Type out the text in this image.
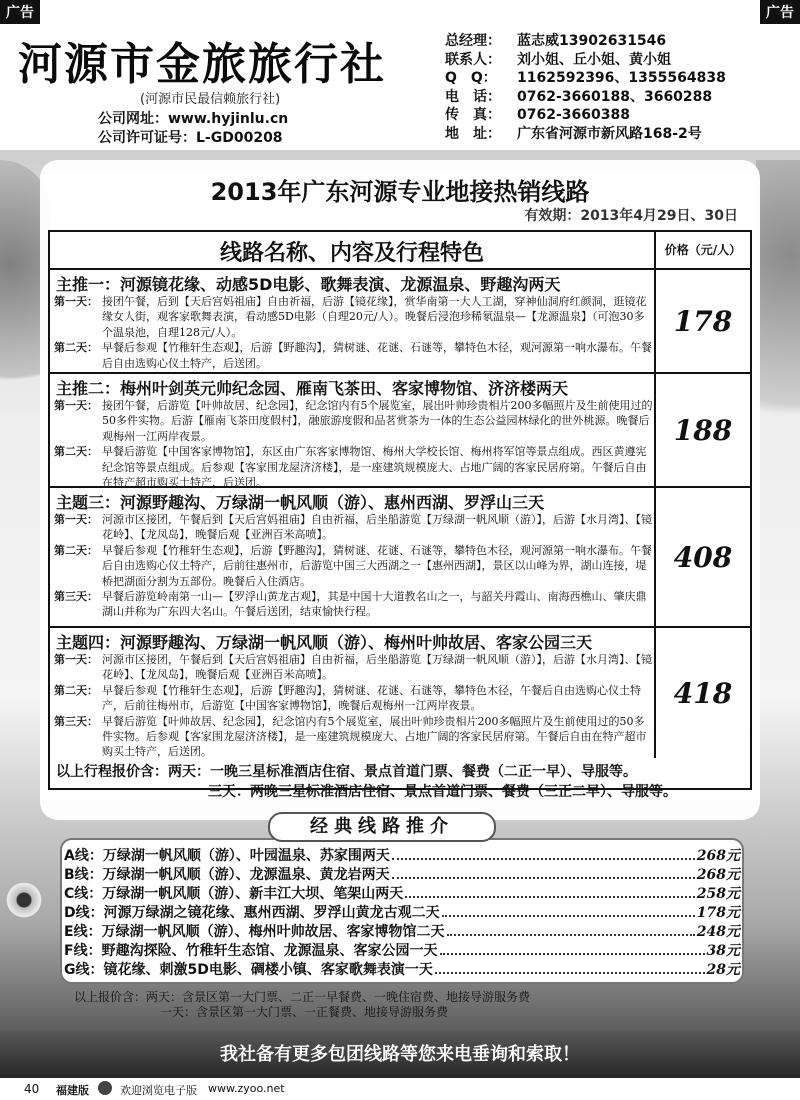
广告	广告
河源市金旅旅行社
(河源市民最信赖旅行社)
公司网址：www.hyjinlu.cn
公司许可证号：L-GD00208
总经理：	蓝志威13902631546
联系人：	刘小姐、丘小姐、黄小姐
Q　Q：	1162592396、1355564838
电　话：	0762-3660188、3660288
传　真：	0762-3660388
地　址：	广东省河源市新风路168-2号
2013年广东河源专业地接热销线路
有效期：2013年4月29日、30日
线路名称、内容及行程特色	价格（元/人）
主推一：河源镜花缘、动感5D电影、歌舞表演、龙源温泉、野趣沟两天
第一天： 接团午餐，后到【天后宫妈祖庙】自由祈福，后游【镜花缘】，赏华南第一大人工湖，穿神仙洞府红颜洞，逛镜花缘女人街，观客家歌舞表演，看动感5D电影（自理20元/人）。晚餐后浸泡珍稀氡温泉—【龙源温泉】（可泡30多个温泉池，自理128元/人）。
第二天： 早餐后参观【竹稚轩生态观】，后游【野趣沟】，猜树谜、花谜、石谜等，攀特色木径，观河源第一响水瀑布。午餐后自由选购心仪土特产，后送团。
178
主推二：梅州叶剑英元帅纪念园、雁南飞茶田、客家博物馆、济济楼两天
第一天： 接团午餐，后游览【叶帅故居、纪念园】，纪念馆内有5个展览室，展出叶帅珍贵相片200多幅照片及生前使用过的50多件实物。后游【雁南飞茶田度假村】，融旅游度假和品茗赏茶为一体的生态公益园林绿化的世外桃源。晚餐后观梅州一江两岸夜景。
第二天： 早餐后游览【中国客家博物馆】，东区由广东客家博物馆、梅州大学校长馆、梅州将军馆等景点组成。西区黄遵宪纪念馆等景点组成。后参观【客家围龙屋济济楼】，是一座建筑规模庞大、占地广阔的客家民居府第。午餐后自由在特产超市购买土特产，后送团。
188
主题三：河源野趣沟、万绿湖一帆风顺（游）、惠州西湖、罗浮山三天
第一天： 河源市区接团，午餐后到【天后宫妈祖庙】自由祈福，后坐船游览【万绿湖一帆风顺（游）】，后游【水月湾】、【镜花岭】、【龙凤岛】，晚餐后观【亚洲百米高喷】。
第二天： 早餐后参观【竹稚轩生态观】，后游【野趣沟】，猜树谜、花谜、石谜等，攀特色木径，观河源第一响水瀑布。午餐后自由选购心仪土特产，后前往惠州市，后游览中国三大西湖之一【惠州西湖】，景区以山峰为界，湖山连接，堤桥把湖面分割为五部份。晚餐后入住酒店。
第三天： 早餐后游览岭南第一山—【罗浮山黄龙古观】，其是中国十大道教名山之一，与韶关丹霞山、南海西樵山、肇庆鼎湖山并称为广东四大名山。午餐后送团，结束愉快行程。
408
主题四：河源野趣沟、万绿湖一帆风顺（游）、梅州叶帅故居、客家公园三天
第一天： 河源市区接团，午餐后到【天后宫妈祖庙】自由祈福，后坐船游览【万绿湖一帆风顺（游）】，后游【水月湾】、【镜花岭】、【龙凤岛】，晚餐后观【亚洲百米高喷】。
第二天： 早餐后参观【竹稚轩生态观】，后游【野趣沟】，猜树谜、花谜、石谜等，攀特色木径，午餐后自由选购心仪土特产，后前往梅州市，后游览【中国客家博物馆】，晚餐后观梅州一江两岸夜景。
第三天： 早餐后游览【叶帅故居、纪念园】，纪念馆内有5个展览室，展出叶帅珍贵相片200多幅照片及生前使用过的50多件实物。后参观【客家围龙屋济济楼】，是一座建筑规模庞大、占地广阔的客家民居府第。午餐后自由在特产超市购买土特产，后送团。
418
以上行程报价含：两天：一晚三星标准酒店住宿、景点首道门票、餐费（二正一早）、导服等。
三天：两晚三星标准酒店住宿、景点首道门票、餐费（三正二早）、导服等。
经典线路推介
A线：万绿湖一帆风顺（游）、叶园温泉、苏家围两天	268元
B线：万绿湖一帆风顺（游）、龙源温泉、黄龙岩两天	268元
C线：万绿湖一帆风顺（游）、新丰江大坝、笔架山两天	258元
D线：河源万绿湖之镜花缘、惠州西湖、罗浮山黄龙古观二天	178元
E线：万绿湖一帆风顺（游）、梅州叶帅故居、客家博物馆二天	248元
F线：野趣沟探险、竹稚轩生态馆、龙源温泉、客家公园一天	38元
G线：镜花缘、刺激5D电影、碉楼小镇、客家歌舞表演一天	28元
以上报价含：两天：含景区第一大门票、二正一早餐费、一晚住宿费、地接导游服务费
一天：含景区第一大门票、一正餐费、地接导游服务费
我社备有更多包团线路等您来电垂询和索取！
40 福建版	欢迎浏览电子版 www.zyoo.net
